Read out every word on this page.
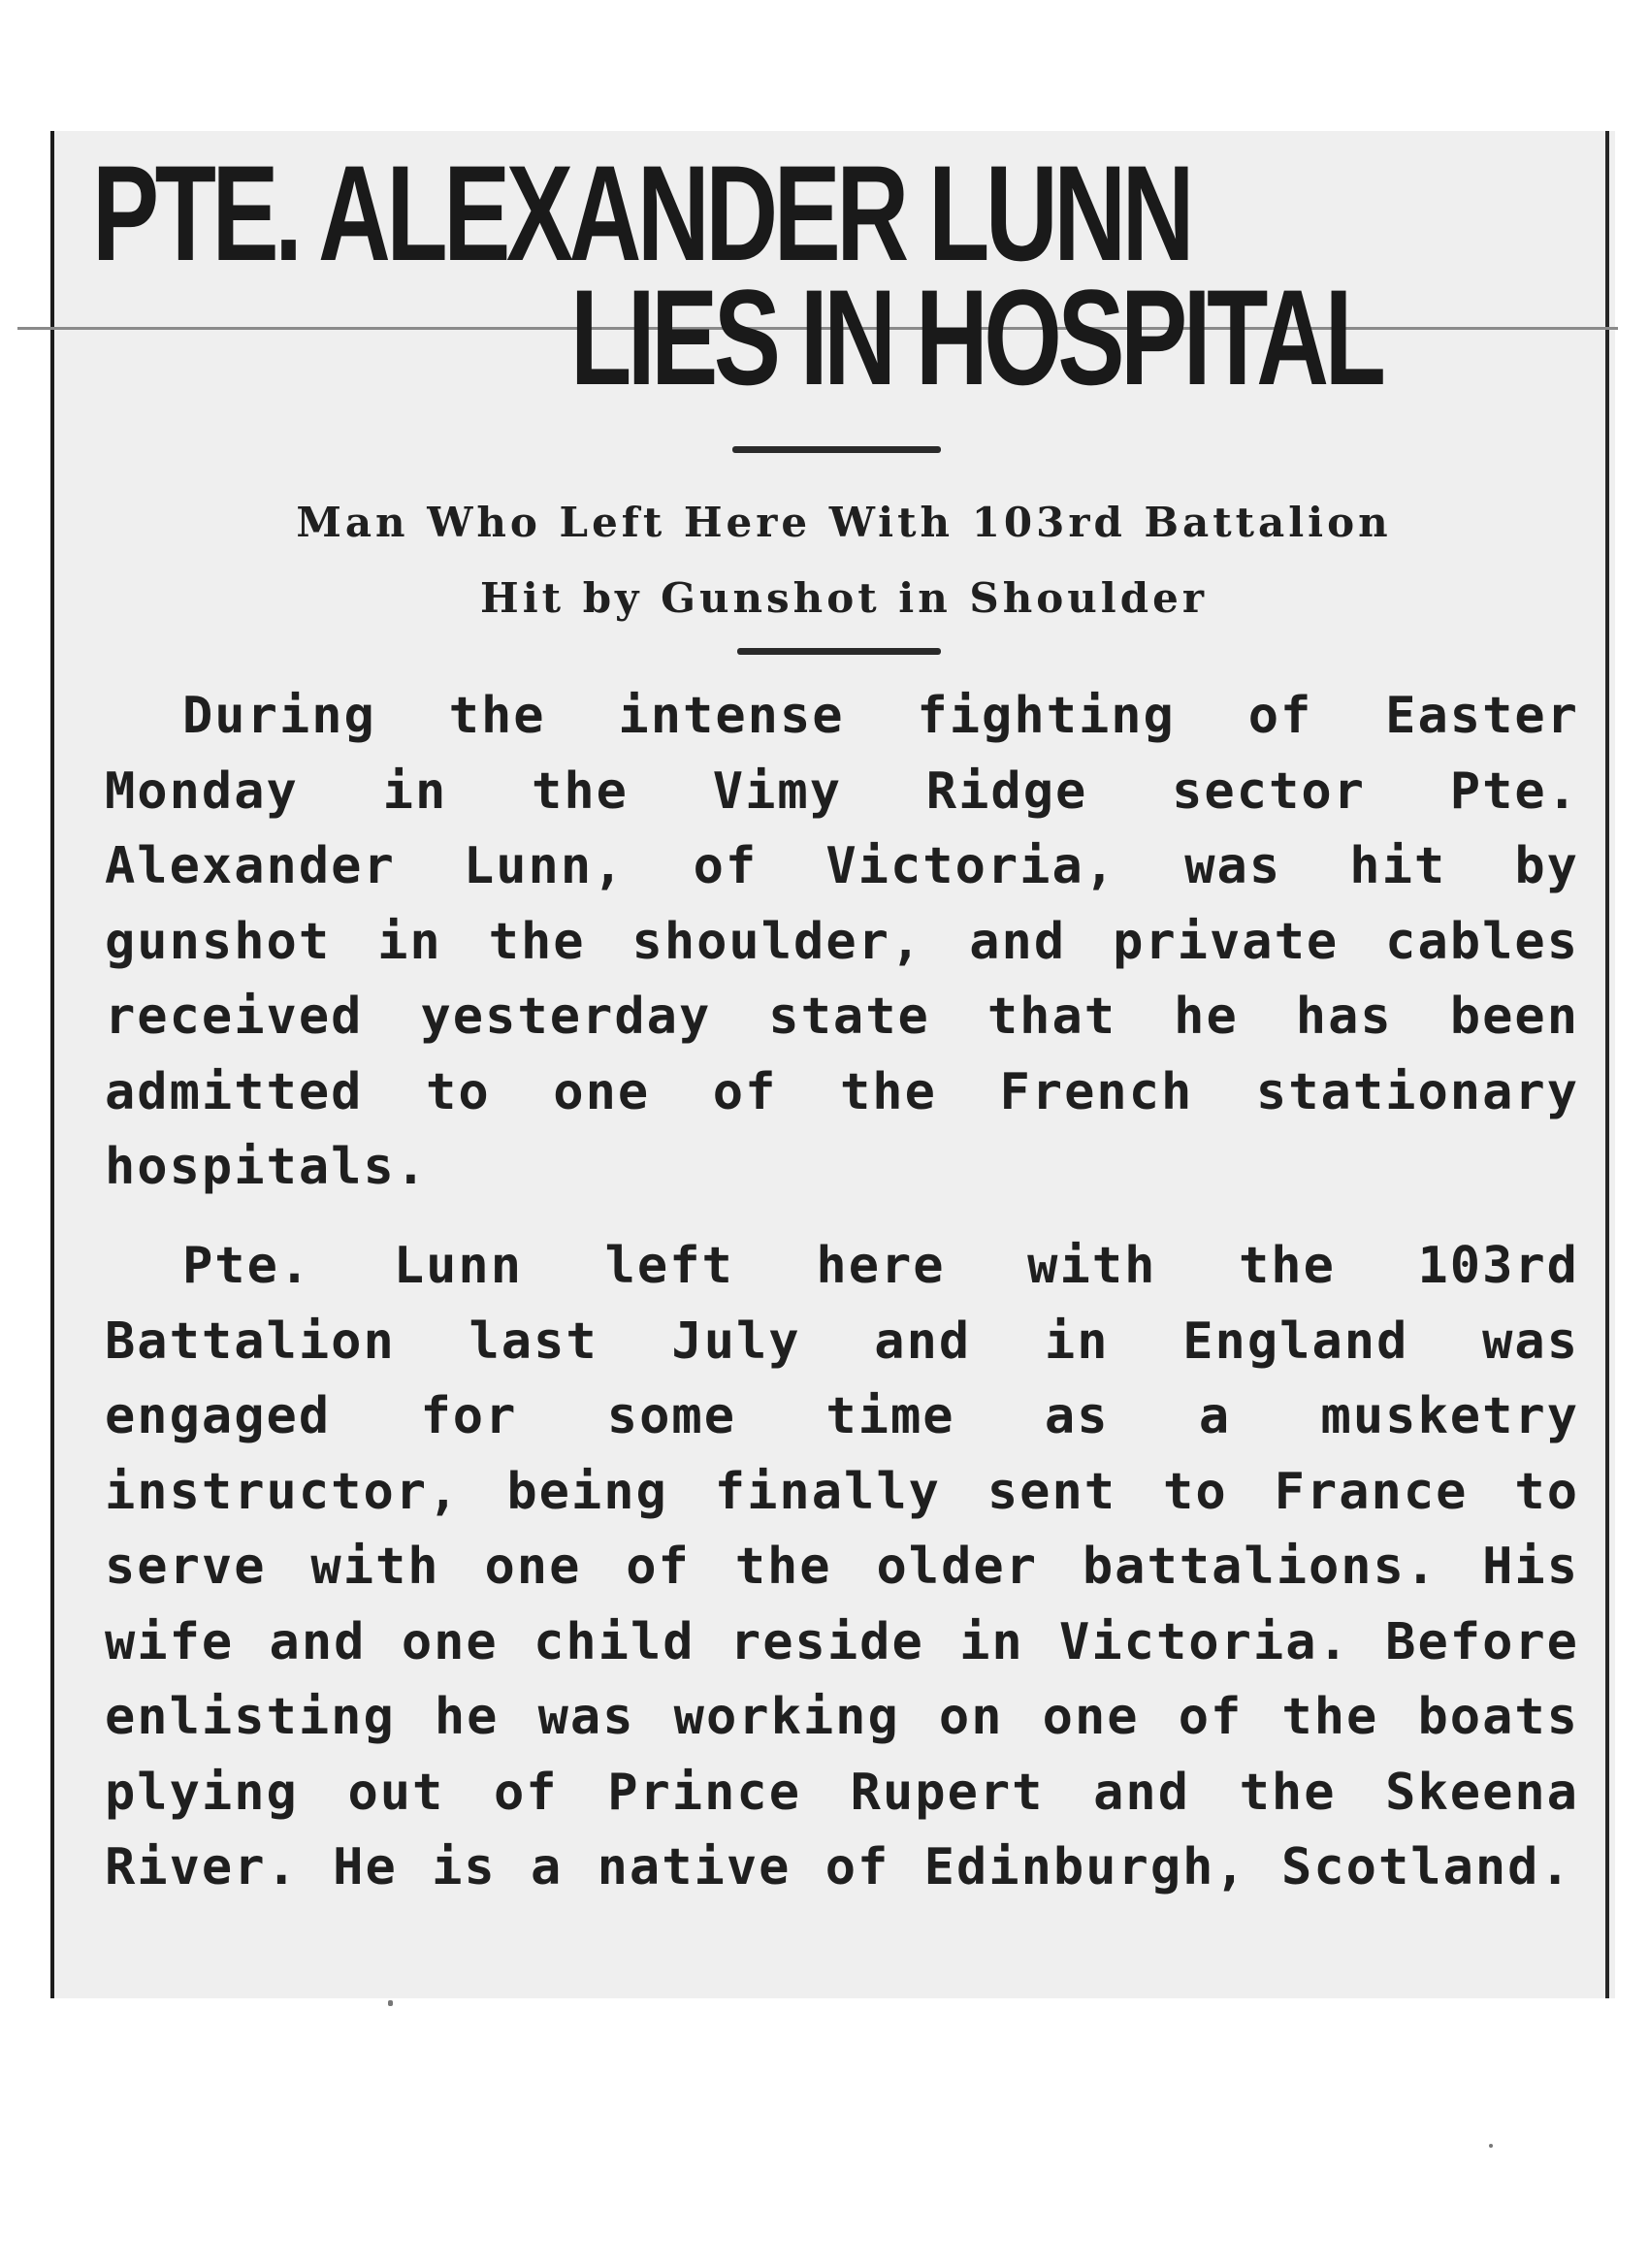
PTE. ALEXANDER LUNN
LIES IN HOSPITAL
Man Who Left Here With 103rd Battalion
Hit by Gunshot in Shoulder

During the intense fighting of Easter Monday in the Vimy Ridge sector Pte. Alexander Lunn, of Victoria, was hit by gunshot in the shoulder, and private cables received yesterday state that he has been admitted to one of the French stationary hospitals.

Pte. Lunn left here with the 103rd Battalion last July and in England was engaged for some time as a musketry instructor, being finally sent to France to serve with one of the older battalions. His wife and one child reside in Victoria. Before enlisting he was working on one of the boats plying out of Prince Rupert and the Skeena River. He is a native of Edinburgh, Scotland.
